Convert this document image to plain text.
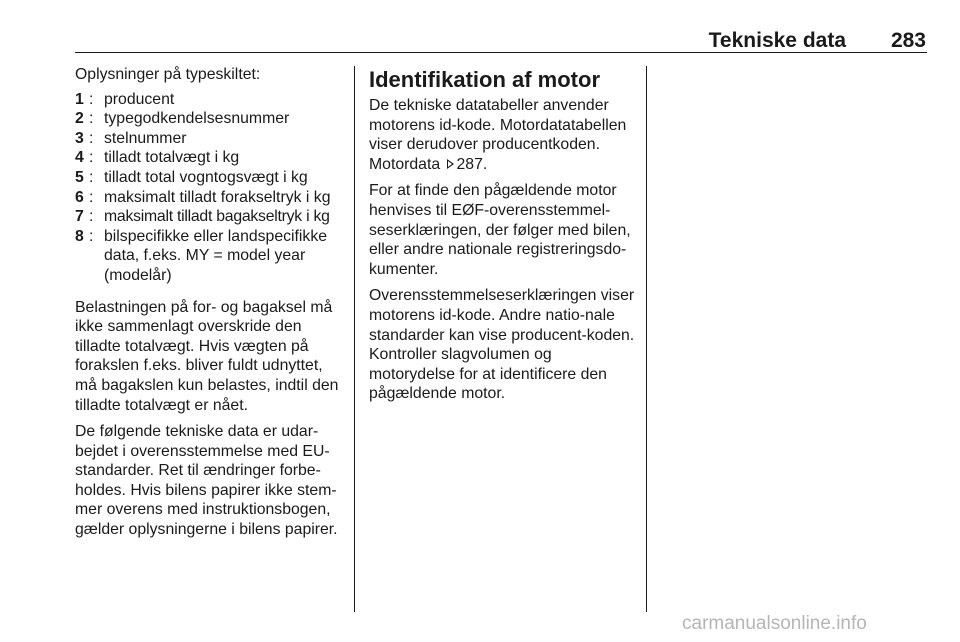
Tekniske data 283

Oplysninger på typeskiltet:

1 : producent
2 : typegodkendelsesnummer
3 : stelnummer
4 : tilladt totalvægt i kg
5 : tilladt total vogntogsvægt i kg
6 : maksimalt tilladt forakseltryk i kg
7 : maksimalt tilladt bagakseltryk i kg
8 : bilspecifikke eller landspecifikke data, f.eks. MY = model year (modelår)

Belastningen på for- og bagaksel må ikke sammenlagt overskride den tilladte totalvægt. Hvis vægten på forakslen f.eks. bliver fuldt udnyttet, må bagakslen kun belastes, indtil den tilladte totalvægt er nået.

De følgende tekniske data er udar-bejdet i overensstemmelse med EU-standarder. Ret til ændringer forbe-holdes. Hvis bilens papirer ikke stem-mer overens med instruktionsbogen, gælder oplysningerne i bilens papirer.

Identifikation af motor

De tekniske datatabeller anvender motorens id-kode. Motordatatabellen viser derudover producentkoden. Motordata 287.

For at finde den pågældende motor henvises til EØF-overensstemmel-seserklæringen, der følger med bilen, eller andre nationale registreringsdo-kumenter.

Overensstemmelseserklæringen viser motorens id-kode. Andre natio-nale standarder kan vise producent-koden. Kontroller slagvolumen og motorydelse for at identificere den pågældende motor.

carmanualsonline.info
